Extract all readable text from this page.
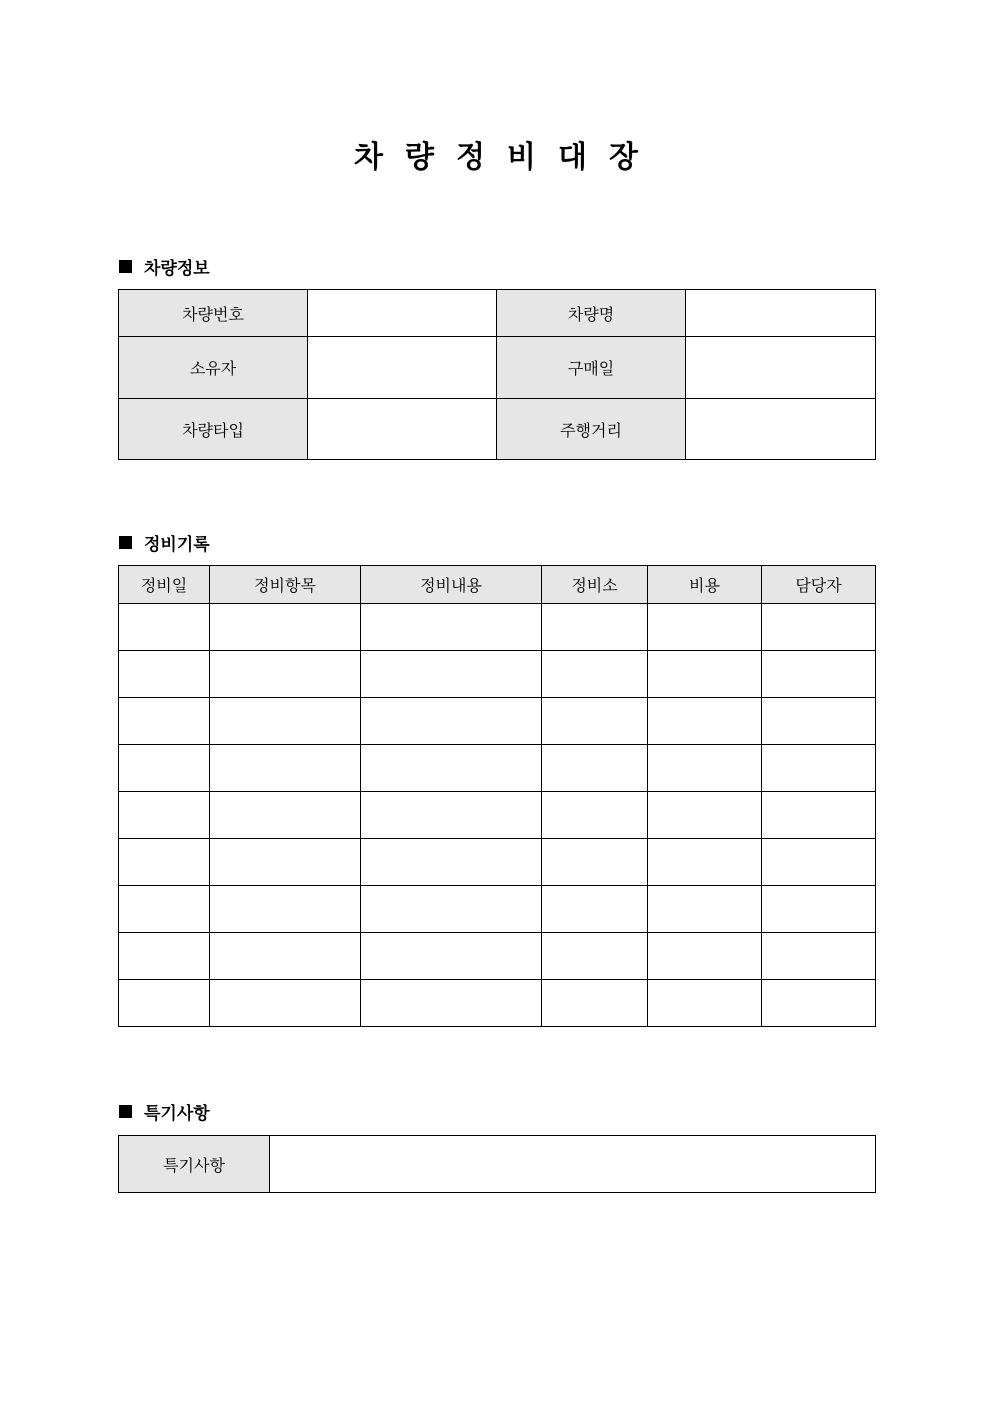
차 량 정 비 대 장
차량정보
차량번호		차량명	
소유자		구매일	
차량타입		주행거리	
정비기록
정비일	정비항목	정비내용	정비소	비용	담당자

특기사항
특기사항	
